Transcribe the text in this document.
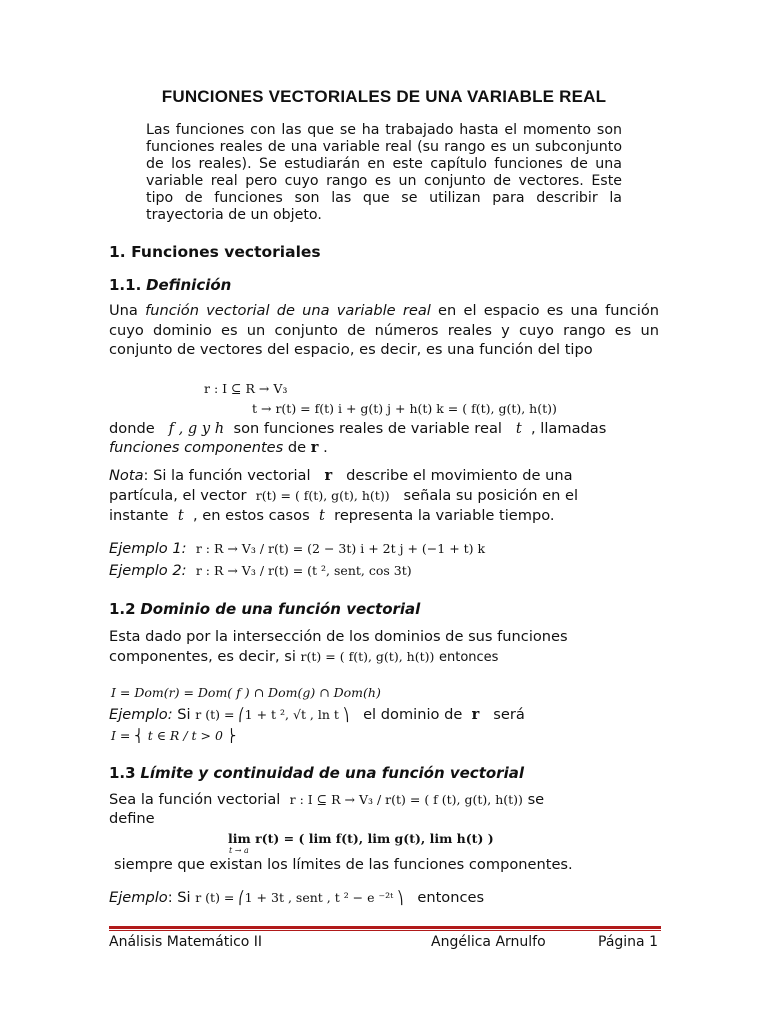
FUNCIONES VECTORIALES DE UNA VARIABLE REAL
Las funciones con las que se ha trabajado hasta el momento son funciones reales de una variable real (su rango es un subconjunto de los reales). Se estudiarán en este capítulo funciones de una variable real pero cuyo rango es un conjunto de vectores. Este tipo de funciones son las que se utilizan para describir la trayectoria de un objeto.
1. Funciones vectoriales
1.1. Definición
Una función vectorial de una variable real en el espacio es una función cuyo dominio es un conjunto de números reales y cuyo rango es un conjunto de vectores del espacio, es decir, es una función del tipo
r : I ⊆ R → V₃
t → r(t) = f(t) i + g(t) j + h(t) k = ( f(t), g(t), h(t))
donde f , g y h son funciones reales de variable real t , llamadas
funciones componentes de r .
Nota: Si la función vectorial r describe el movimiento de una
partícula, el vector r(t) = ( f(t), g(t), h(t)) señala su posición en el
instante t , en estos casos t representa la variable tiempo.
Ejemplo 1: r : R → V₃ / r(t) = (2 − 3t) i + 2t j + (−1 + t) k
Ejemplo 2: r : R → V₃ / r(t) = (t ², sent, cos 3t)
1.2 Dominio de una función vectorial
Esta dado por la intersección de los dominios de sus funciones
componentes, es decir, si r(t) = ( f(t), g(t), h(t)) entonces
I = Dom(r) = Dom( f ) ∩ Dom(g) ∩ Dom(h)
Ejemplo: Si r (t) = ⎛1 + t ², √t , ln t ⎞ el dominio de r será
I = ⎨ t ∈ R / t > 0 ⎬
1.3 Límite y continuidad de una función vectorial
Sea la función vectorial r : I ⊆ R → V₃ / r(t) = ( f (t), g(t), h(t)) se
define
lim r(t) = ( lim f(t), lim g(t), lim h(t) )
t → a
siempre que existan los límites de las funciones componentes.
Ejemplo: Si r (t) = ⎛1 + 3t , sent , t ² − e ⁻²ᵗ ⎞ entonces
Análisis Matemático II	Angélica Arnulfo	Página 1
